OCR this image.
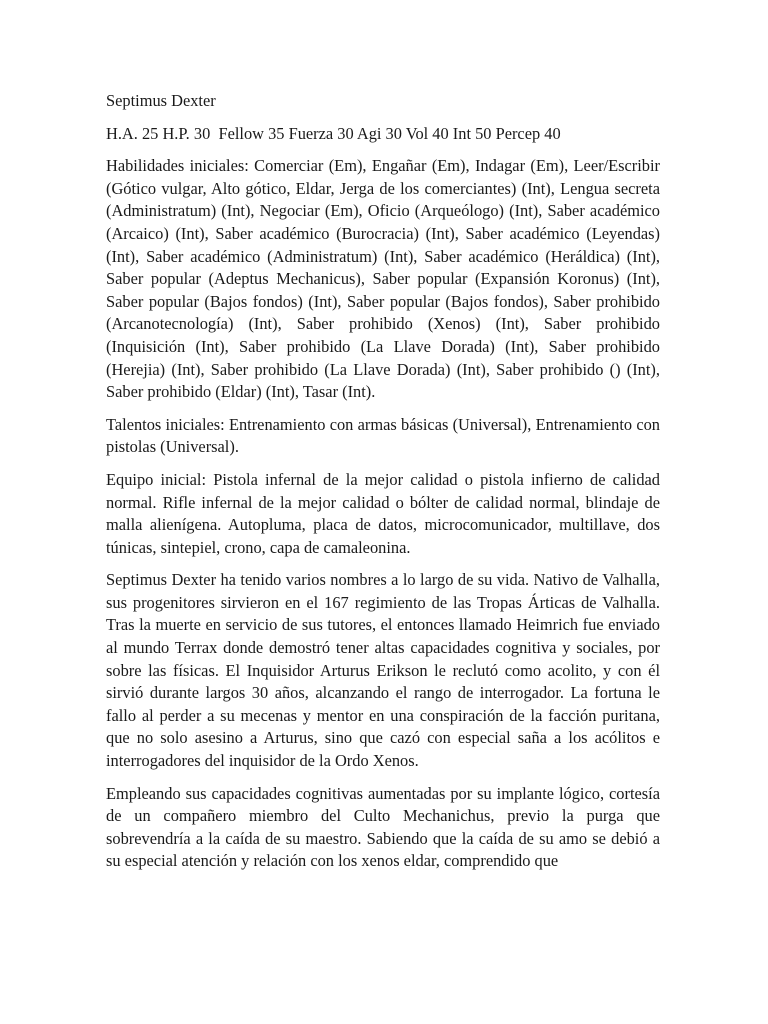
Septimus Dexter

H.A. 25 H.P. 30  Fellow 35 Fuerza 30 Agi 30 Vol 40 Int 50 Percep 40

Habilidades iniciales: Comerciar (Em), Engañar (Em), Indagar (Em), Leer/Escribir (Gótico vulgar, Alto gótico, Eldar, Jerga de los comerciantes) (Int), Lengua secreta (Administratum) (Int), Negociar (Em), Oficio (Arqueólogo) (Int), Saber académico (Arcaico) (Int), Saber académico (Burocracia) (Int), Saber académico (Leyendas) (Int), Saber académico (Administratum) (Int), Saber académico (Heráldica) (Int), Saber popular (Adeptus Mechanicus), Saber popular (Expansión Koronus) (Int), Saber popular (Bajos fondos) (Int), Saber popular (Bajos fondos), Saber prohibido (Arcanotecnología) (Int), Saber prohibido (Xenos) (Int), Saber prohibido (Inquisición (Int), Saber prohibido (La Llave Dorada) (Int), Saber prohibido (Herejia) (Int), Saber prohibido (La Llave Dorada) (Int), Saber prohibido () (Int), Saber prohibido (Eldar) (Int), Tasar (Int).

Talentos iniciales: Entrenamiento con armas básicas (Universal), Entrenamiento con pistolas (Universal).

Equipo inicial: Pistola infernal de la mejor calidad o pistola infierno de calidad normal. Rifle infernal de la mejor calidad o bólter de calidad normal, blindaje de malla alienígena. Autopluma, placa de datos, microcomunicador, multillave, dos túnicas, sintepiel, crono, capa de camaleonina.

Septimus Dexter ha tenido varios nombres a lo largo de su vida. Nativo de Valhalla, sus progenitores sirvieron en el 167 regimiento de las Tropas Árticas de Valhalla. Tras la muerte en servicio de sus tutores, el entonces llamado Heimrich fue enviado al mundo Terrax donde demostró tener altas capacidades cognitiva y sociales, por sobre las físicas. El Inquisidor Arturus Erikson le reclutó como acolito, y con él sirvió durante largos 30 años, alcanzando el rango de interrogador. La fortuna le fallo al perder a su mecenas y mentor en una conspiración de la facción puritana, que no solo asesino a Arturus, sino que cazó con especial saña a los acólitos e interrogadores del inquisidor de la Ordo Xenos.

Empleando sus capacidades cognitivas aumentadas por su implante lógico, cortesía de un compañero miembro del Culto Mechanichus, previo la purga que sobrevendría a la caída de su maestro. Sabiendo que la caída de su amo se debió a su especial atención y relación con los xenos eldar, comprendido que
